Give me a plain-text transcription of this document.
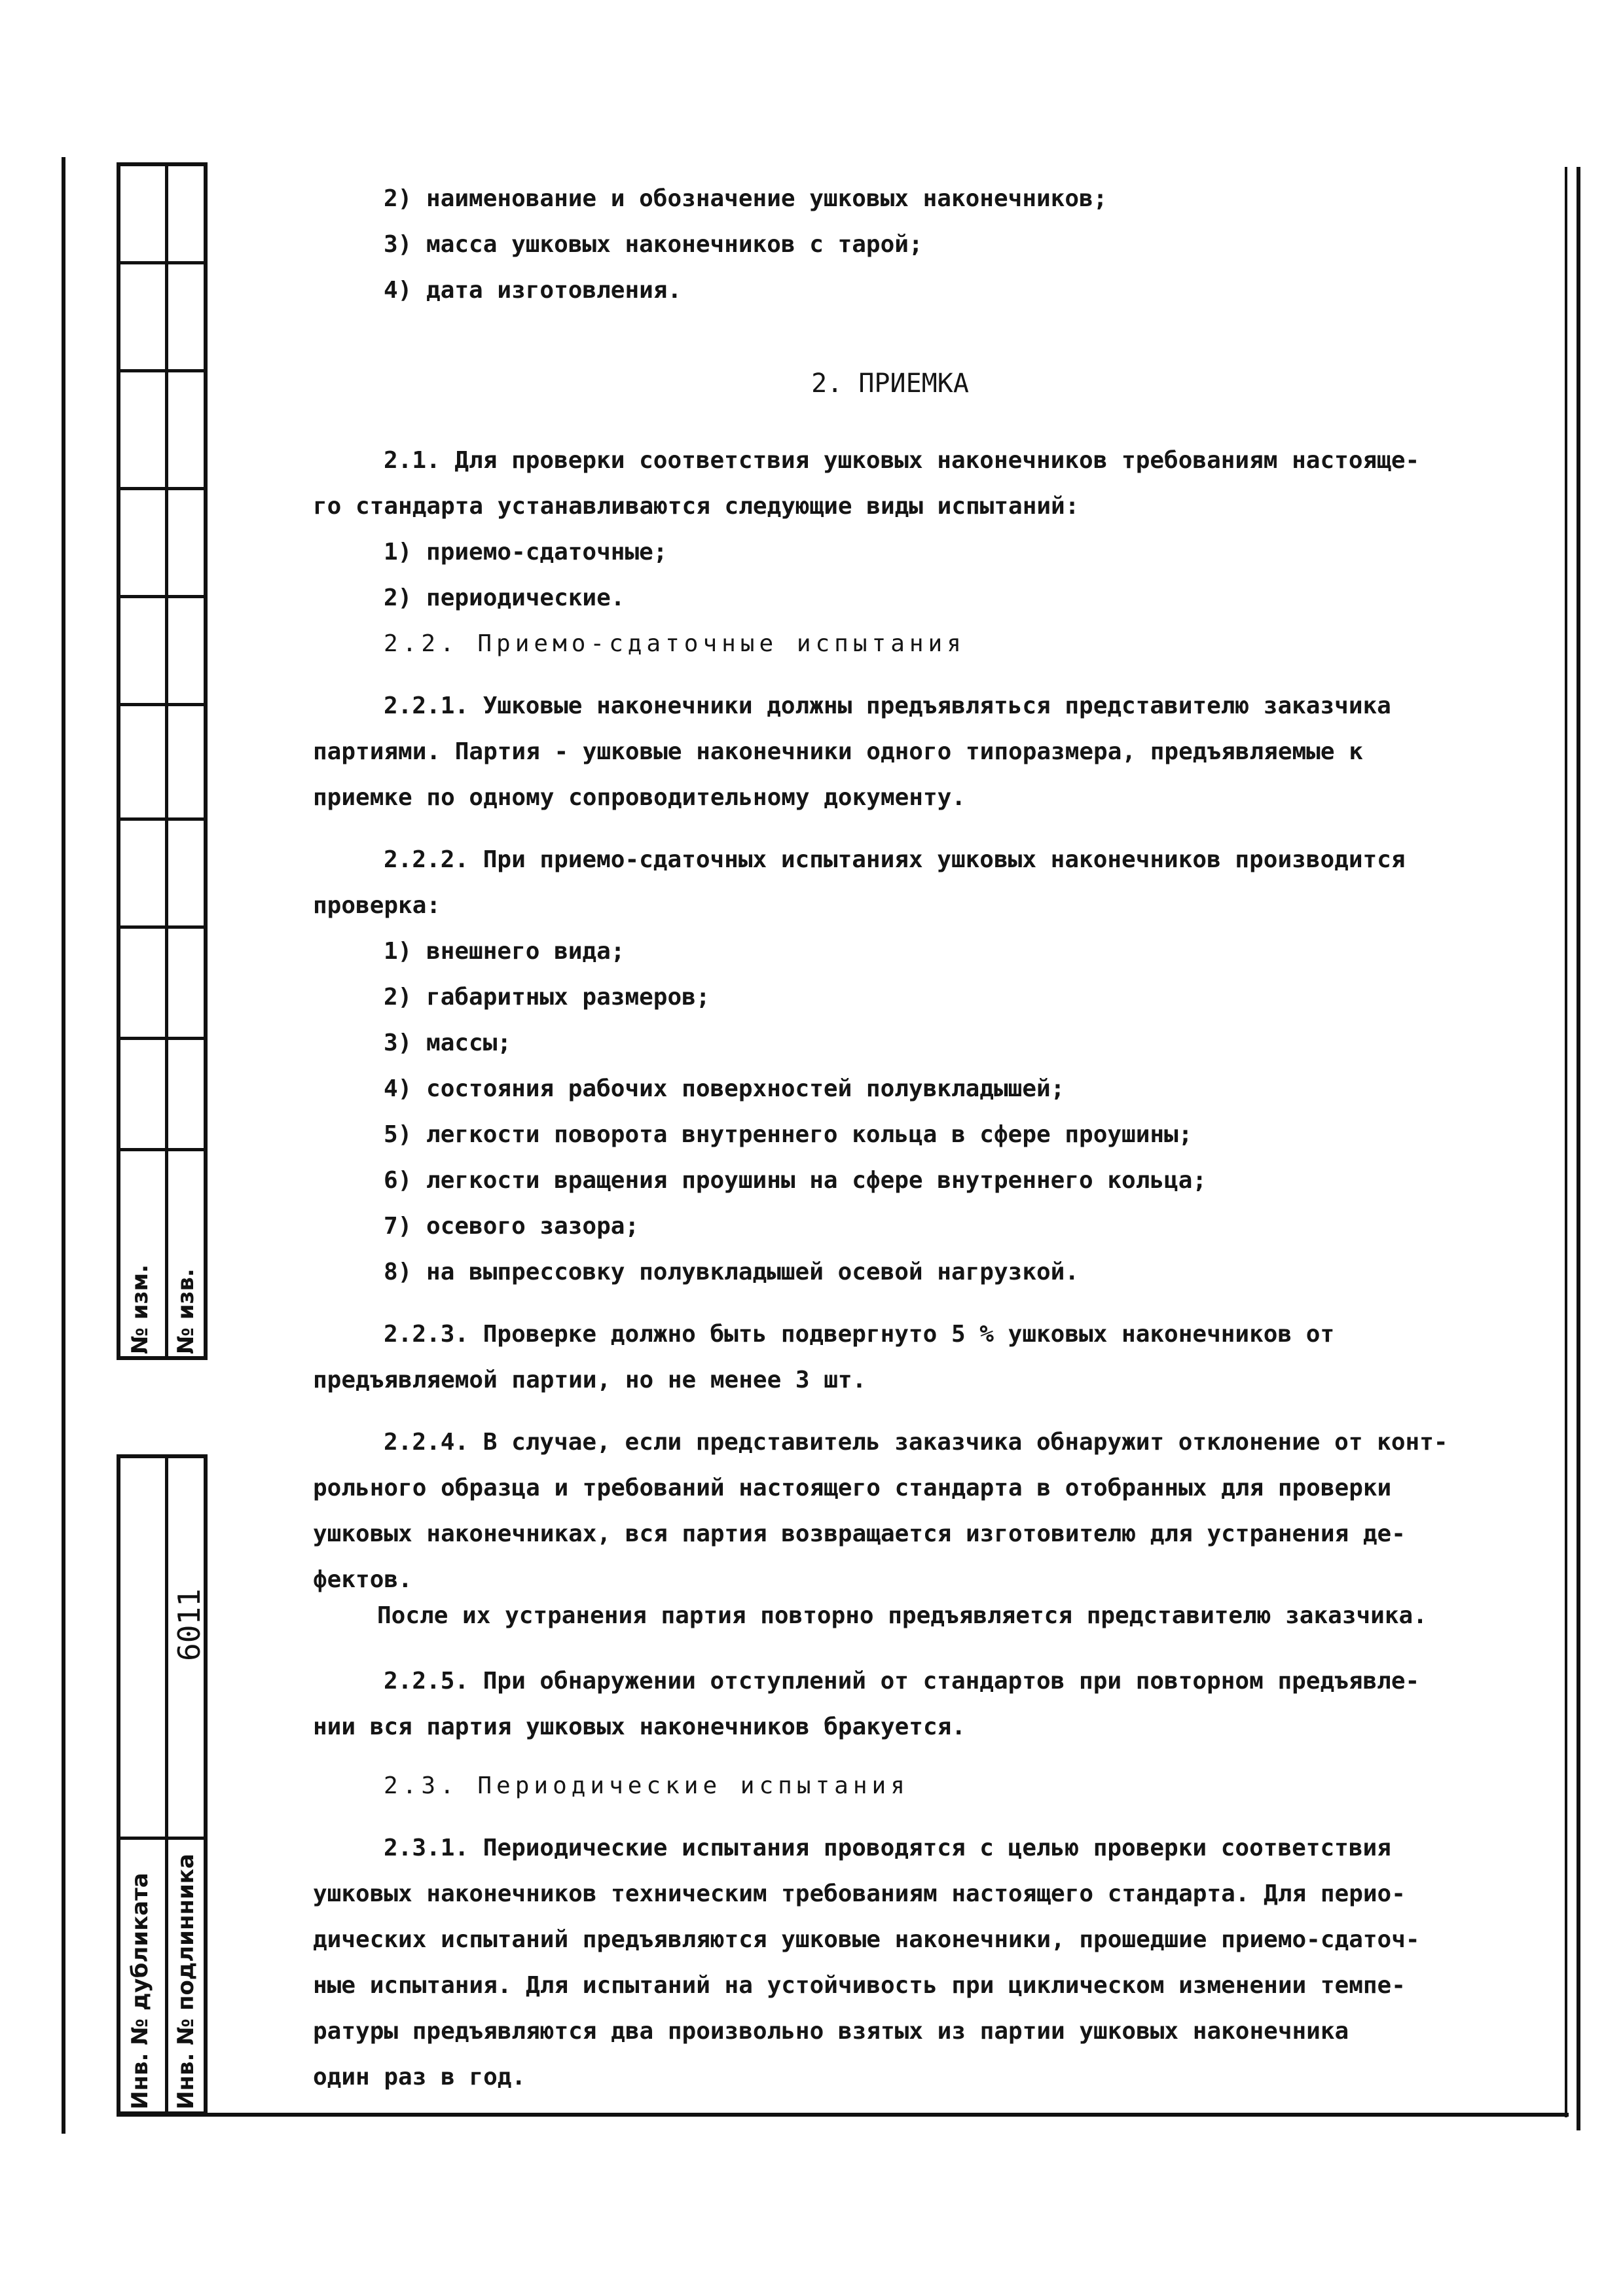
№ изм. № изв.
6011
Инв. № дубликата Инв. № подлинника
2) наименование и обозначение ушковых наконечников;
3) масса ушковых наконечников с тарой;
4) дата изготовления.
2. ПРИЕМКА
2.1. Для проверки соответствия ушковых наконечников требованиям настояще-
го стандарта устанавливаются следующие виды испытаний:
1) приемо-сдаточные;
2) периодические.
2.2. Приемо-сдаточные испытания
2.2.1. Ушковые наконечники должны предъявляться представителю заказчика
партиями. Партия - ушковые наконечники одного типоразмера, предъявляемые к
приемке по одному сопроводительному документу.
2.2.2. При приемо-сдаточных испытаниях ушковых наконечников производится
проверка:
1) внешнего вида;
2) габаритных размеров;
3) массы;
4) состояния рабочих поверхностей полувкладышей;
5) легкости поворота внутреннего кольца в сфере проушины;
6) легкости вращения проушины на сфере внутреннего кольца;
7) осевого зазора;
8) на выпрессовку полувкладышей осевой нагрузкой.
2.2.3. Проверке должно быть подвергнуто 5 % ушковых наконечников от
предъявляемой партии, но не менее 3 шт.
2.2.4. В случае, если представитель заказчика обнаружит отклонение от конт-
рольного образца и требований настоящего стандарта в отобранных для проверки
ушковых наконечниках, вся партия возвращается изготовителю для устранения де-
фектов.
После их устранения партия повторно предъявляется представителю заказчика.
2.2.5. При обнаружении отступлений от стандартов при повторном предъявле-
нии вся партия ушковых наконечников бракуется.
2.3. Периодические испытания
2.3.1. Периодические испытания проводятся с целью проверки соответствия
ушковых наконечников техническим требованиям настоящего стандарта. Для перио-
дических испытаний предъявляются ушковые наконечники, прошедшие приемо-сдаточ-
ные испытания. Для испытаний на устойчивость при циклическом изменении темпе-
ратуры предъявляются два произвольно взятых из партии ушковых наконечника
один раз в год.
